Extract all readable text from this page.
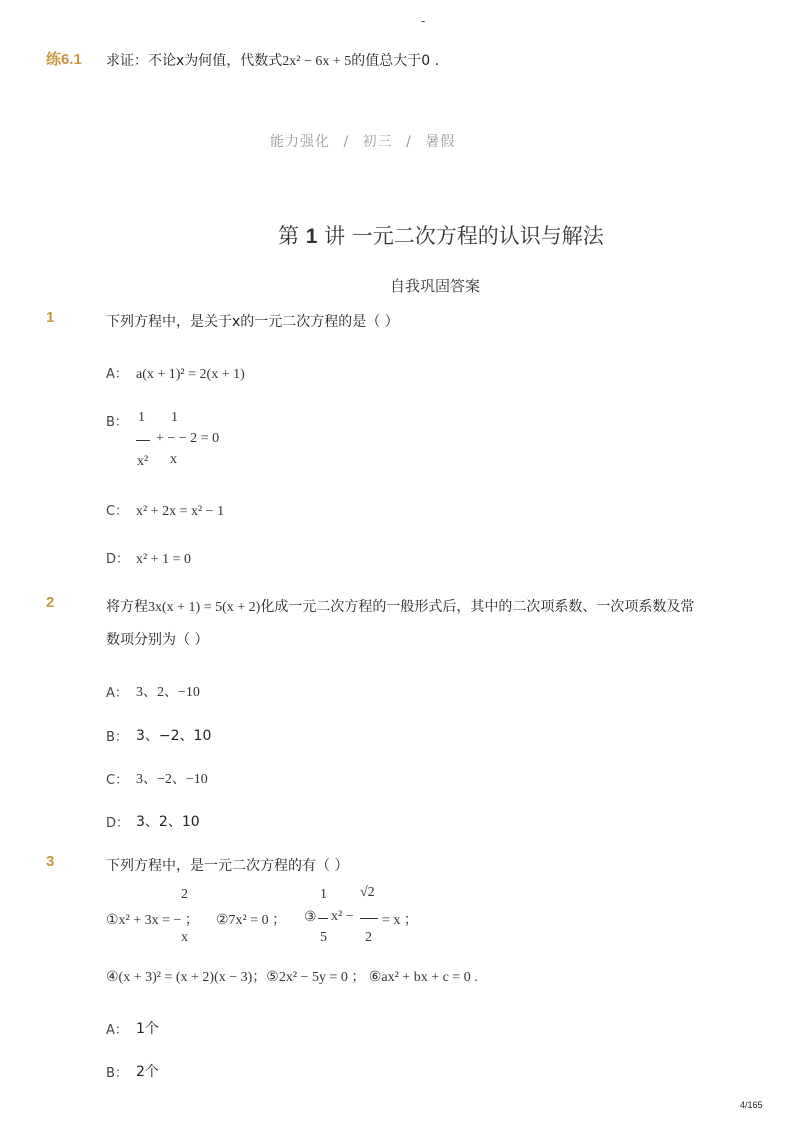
-
练6.1 求证：不论x为何值，代数式2x² − 6x + 5的值总大于0 .
能力强化 / 初三 / 暑假
第 1 讲 一元二次方程的认识与解法
自我巩固答案
1	下列方程中，是关于x的一元二次方程的是（ ）
A： a(x + 1)² = 2(x + 1)
B： 1 1
+ − − 2 = 0
x² x
C： x² + 2x = x² − 1
D： x² + 1 = 0
2	将方程3x(x + 1) = 5(x + 2)化成一元二次方程的一般形式后，其中的二次项系数、一次项系数及常
数项分别为（ ）
A： 3、2、−10
B： 3、−2、10
C： 3、−2、−10
D： 3、2、10
3	下列方程中，是一元二次方程的有（ ）
2
①x² + 3x = − ；
x
②7x² = 0 ； ③
1
5
x² −
√2
2
= x ；
④(x + 3)² = (x + 2)(x − 3)；⑤2x² − 5y = 0 ； ⑥ax² + bx + c = 0 .
A： 1个
B： 2个
4/165
